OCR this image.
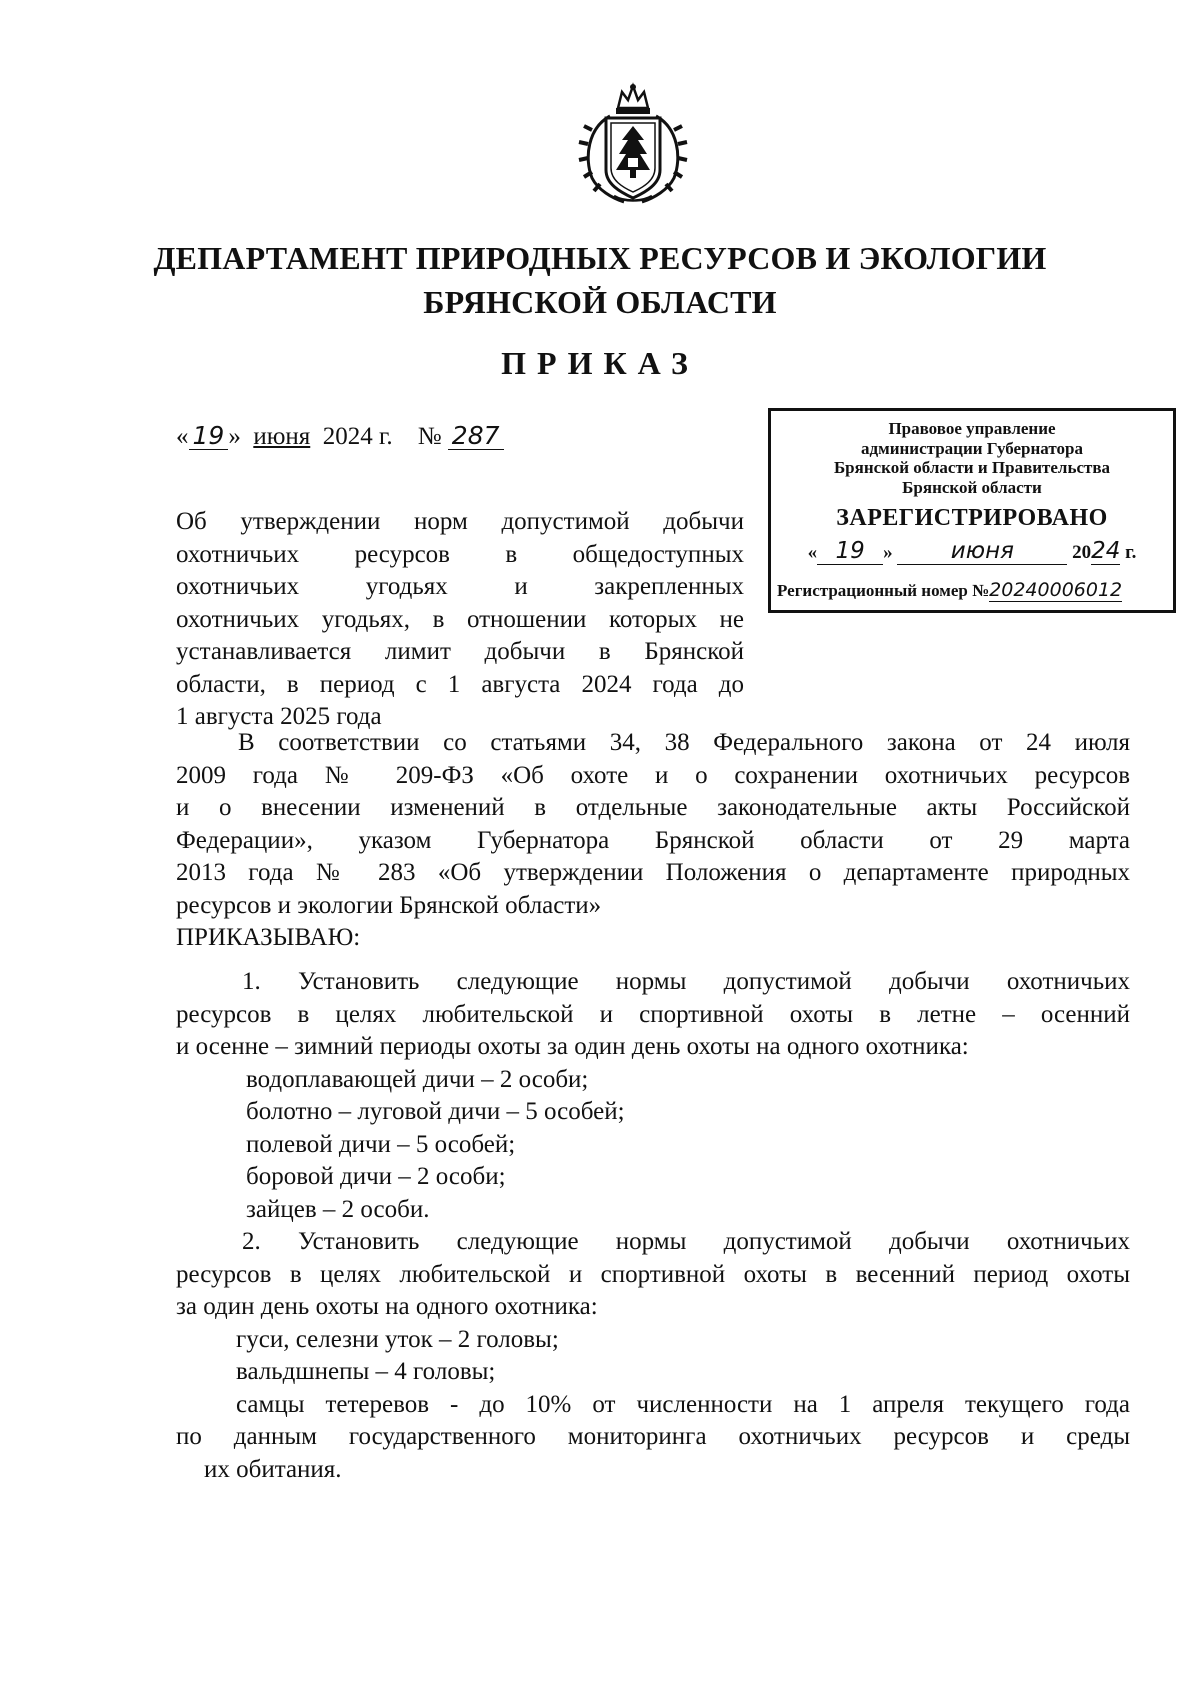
ДЕПАРТАМЕНТ ПРИРОДНЫХ РЕСУРСОВ И ЭКОЛОГИИ
БРЯНСКОЙ ОБЛАСТИ
ПРИКАЗ
« 19 » июня 2024 г. № 287	Правовое управление
администрации Губернатора
Брянской области и Правительства
Брянской области
ЗАРЕГИСТРИРОВАНО
« 19 »	июня	2024 г.
Регистрационный номер №20240006012
Об утверждении норм допустимой добычи
охотничьих ресурсов в общедоступных
охотничьих угодьях и закрепленных
охотничьих угодьях, в отношении которых не
устанавливается лимит добычи в Брянской
области, в период с 1 августа 2024 года до
1 августа 2025 года
В соответствии со статьями 34, 38 Федерального закона от 24 июля
2009 года № 209-ФЗ «Об охоте и о сохранении охотничьих ресурсов
и о внесении изменений в отдельные законодательные акты Российской
Федерации», указом Губернатора Брянской области от 29 марта
2013 года № 283 «Об утверждении Положения о департаменте природных
ресурсов и экологии Брянской области»
ПРИКАЗЫВАЮ:
1. Установить следующие нормы допустимой добычи охотничьих
ресурсов в целях любительской и спортивной охоты в летне – осенний
и осенне – зимний периоды охоты за один день охоты на одного охотника:
водоплавающей дичи – 2 особи;
болотно – луговой дичи – 5 особей;
полевой дичи – 5 особей;
боровой дичи – 2 особи;
зайцев – 2 особи.
2. Установить следующие нормы допустимой добычи охотничьих
ресурсов в целях любительской и спортивной охоты в весенний период охоты
за один день охоты на одного охотника:
гуси, селезни уток – 2 головы;
вальдшнепы – 4 головы;
самцы тетеревов - до 10% от численности на 1 апреля текущего года
по данным государственного мониторинга охотничьих ресурсов и среды
их обитания.
